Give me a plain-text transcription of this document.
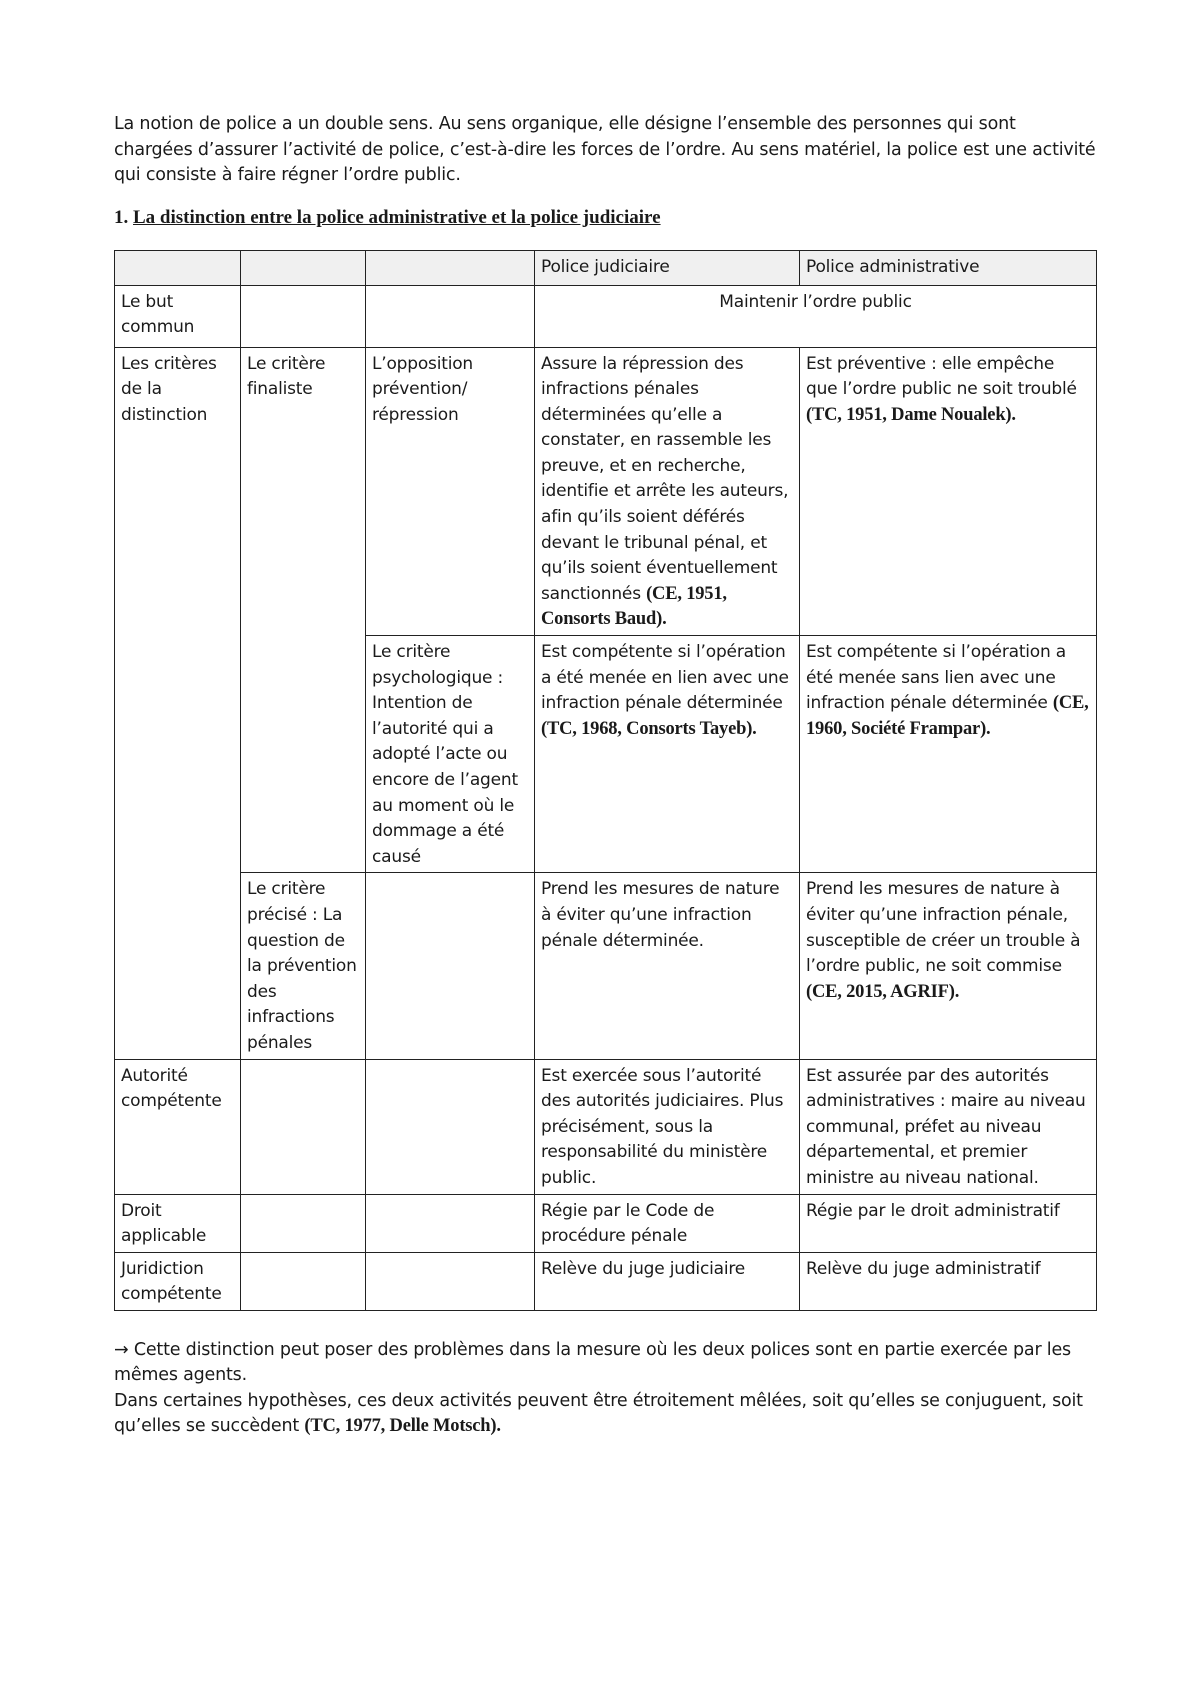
La notion de police a un double sens. Au sens organique, elle désigne l’ensemble des personnes qui sont chargées d’assurer l’activité de police, c’est-à-dire les forces de l’ordre. Au sens matériel, la police est une activité qui consiste à faire régner l’ordre public.

1. La distinction entre la police administrative et la police judiciaire

			Police judiciaire	Police administrative
Le but commun			Maintenir l’ordre public	
Les critères de la distinction	Le critère finaliste	L’opposition prévention/ répression	Assure la répression des infractions pénales déterminées qu’elle a constater, en rassemble les preuve, et en recherche, identifie et arrête les auteurs, afin qu’ils soient déférés devant le tribunal pénal, et qu’ils soient éventuellement sanctionnés (CE, 1951, Consorts Baud).	Est préventive : elle empêche que l’ordre public ne soit troublé (TC, 1951, Dame Noualek).
		Le critère psychologique : Intention de l’autorité qui a adopté l’acte ou encore de l’agent au moment où le dommage a été causé	Est compétente si l’opération a été menée en lien avec une infraction pénale déterminée (TC, 1968, Consorts Tayeb).	Est compétente si l’opération a été menée sans lien avec une infraction pénale déterminée (CE, 1960, Société Frampar).
	Le critère précisé : La question de la prévention des infractions pénales		Prend les mesures de nature à éviter qu’une infraction pénale déterminée.	Prend les mesures de nature à éviter qu’une infraction pénale, susceptible de créer un trouble à l’ordre public, ne soit commise (CE, 2015, AGRIF).
Autorité compétente			Est exercée sous l’autorité des autorités judiciaires. Plus précisément, sous la responsabilité du ministère public.	Est assurée par des autorités administratives : maire au niveau communal, préfet au niveau départemental, et premier ministre au niveau national.
Droit applicable			Régie par le Code de procédure pénale	Régie par le droit administratif
Juridiction compétente			Relève du juge judiciaire	Relève du juge administratif

→ Cette distinction peut poser des problèmes dans la mesure où les deux polices sont en partie exercée par les mêmes agents.

Dans certaines hypothèses, ces deux activités peuvent être étroitement mêlées, soit qu’elles se conjuguent, soit qu’elles se succèdent (TC, 1977, Delle Motsch).
